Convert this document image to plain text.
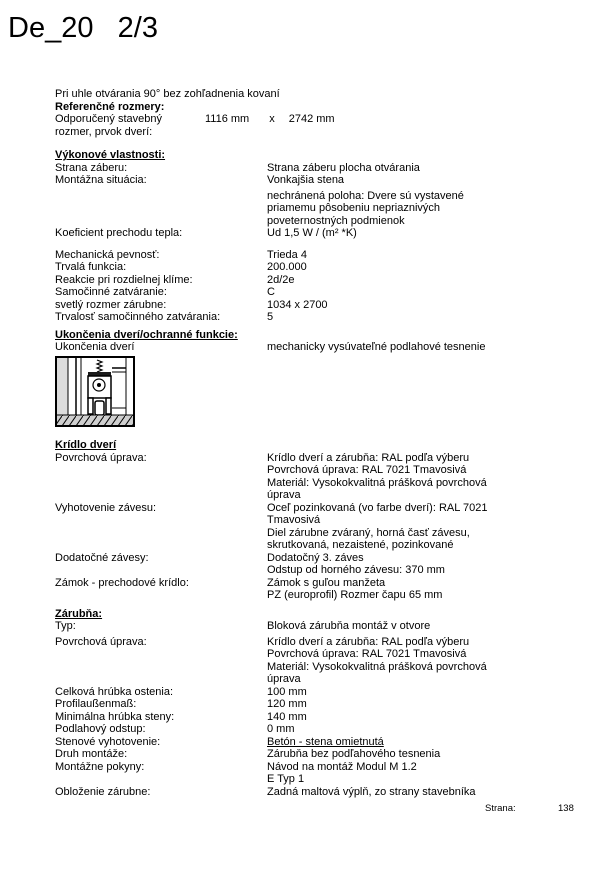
De_20   2/3
Pri uhle otvárania 90° bez zohľadnenia kovaní
Referenčné rozmery:
Odporučený stavebný	1116 mm x 2742 mm
rozmer, prvok dverí:
Výkonové vlastnosti:
Strana záberu:	Strana záberu plocha otvárania
Montážna situácia:	Vonkajšia stena
nechránená poloha: Dvere sú vystavené
priamemu pôsobeniu nepriaznivých
poveternostných podmienok
Koeficient prechodu tepla:	Ud 1,5 W / (m² *K)
Mechanická pevnosť:	Trieda 4
Trvalá funkcia:	200.000
Reakcie pri rozdielnej klíme:	2d/2e
Samočinné zatváranie:	C
svetlý rozmer zárubne:	1034 x 2700
Trvalosť samočinného zatvárania:	5
Ukončenia dverí/ochranné funkcie:
Ukončenia dverí	mechanicky vysúvateľné podlahové tesnenie
Krídlo dverí
Povrchová úprava:	Krídlo dverí a zárubňa: RAL podľa výberu
Povrchová úprava: RAL 7021 Tmavosivá
Materiál: Vysokokvalitná prášková povrchová
úprava
Vyhotovenie závesu:	Oceľ pozinkovaná (vo farbe dverí): RAL 7021
Tmavosivá
Diel zárubne zváraný, horná časť závesu,
skrutkovaná, nezaistené, pozinkované
Dodatočné závesy:	Dodatočný 3. záves
Odstup od horného závesu: 370 mm
Zámok - prechodové krídlo:	Zámok s guľou manžeta
PZ (europrofil) Rozmer čapu 65 mm
Zárubňa:
Typ:	Bloková zárubňa montáž v otvore
Povrchová úprava:	Krídlo dverí a zárubňa: RAL podľa výberu
Povrchová úprava: RAL 7021 Tmavosivá
Materiál: Vysokokvalitná prášková povrchová
úprava
Celková hrúbka ostenia:	100 mm
Profilaußenmaß:	120 mm
Minimálna hrúbka steny:	140 mm
Podlahový odstup:	0 mm
Stenové vyhotovenie:	Betón - stena omietnutá
Druh montáže:	Zárubňa bez podľahového tesnenia
Montážne pokyny:	Návod na montáž Modul M 1.2
E Typ 1
Obloženie zárubne:	Zadná maltová výplň, zo strany stavebníka
Strana:	138
